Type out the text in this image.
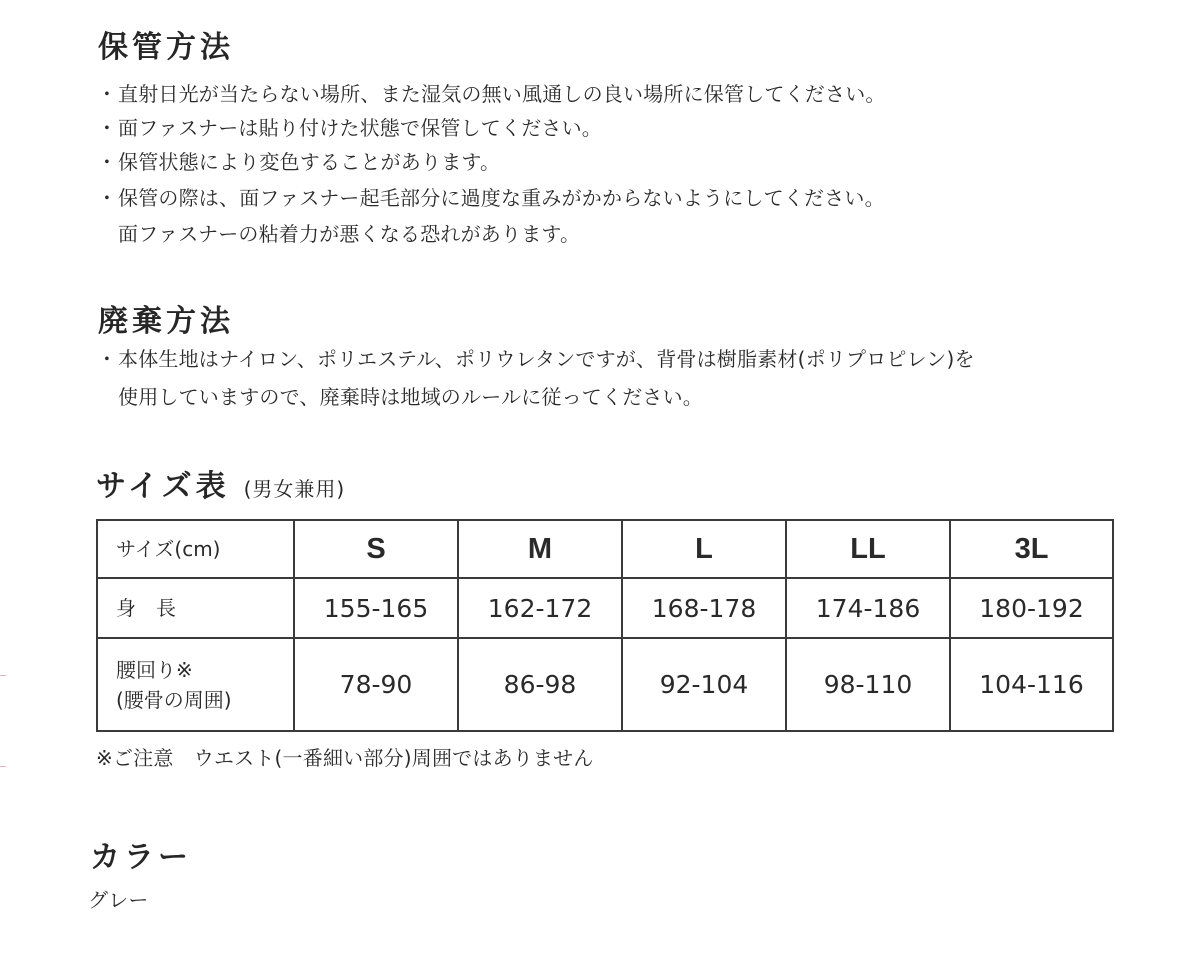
保管方法
・直射日光が当たらない場所、また湿気の無い風通しの良い場所に保管してください。
・面ファスナーは貼り付けた状態で保管してください。
・保管状態により変色することがあります。
・保管の際は、面ファスナー起毛部分に過度な重みがかからないようにしてください。
面ファスナーの粘着力が悪くなる恐れがあります。
廃棄方法
・本体生地はナイロン、ポリエステル、ポリウレタンですが、背骨は樹脂素材(ポリプロピレン)を
使用していますので、廃棄時は地域のルールに従ってください。
サイズ表 (男女兼用)
サイズ(cm)	S	M	L	LL	3L

身　長	155-165	162-172	168-178	174-186	180-192

腰回り※
(腰骨の周囲)	78-90	86-98	92-104	98-110	104-116
※ご注意　ウエスト(一番細い部分)周囲ではありません
カラー
グレー
